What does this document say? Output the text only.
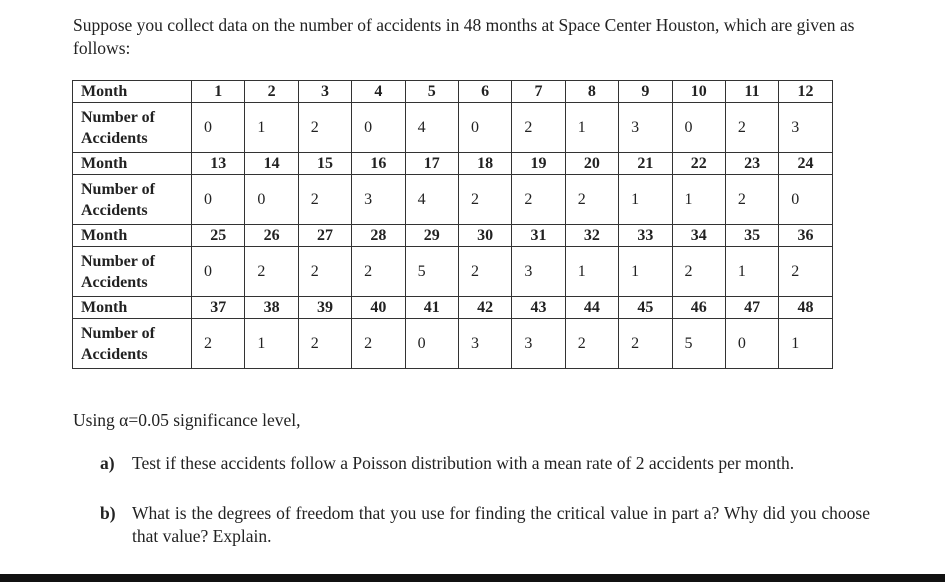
Suppose you collect data on the number of accidents in 48 months at Space Center Houston, which are given as follows:

Month	1	2	3	4	5	6	7	8	9	10	11	12

Number of
Accidents	0	1	2	0	4	0	2	1	3	0	2	3
Month	13	14	15	16	17	18	19	20	21	22	23	24

Number of
Accidents	0	0	2	3	4	2	2	2	1	1	2	0
Month	25	26	27	28	29	30	31	32	33	34	35	36

Number of
Accidents	0	2	2	2	5	2	3	1	1	2	1	2
Month	37	38	39	40	41	42	43	44	45	46	47	48

Number of
Accidents	2	1	2	2	0	3	3	2	2	5	0	1

Using α=0.05 significance level,

a) Test if these accidents follow a Poisson distribution with a mean rate of 2 accidents per month.
b) What is the degrees of freedom that you use for finding the critical value in part a? Why did you choose that value? Explain.
